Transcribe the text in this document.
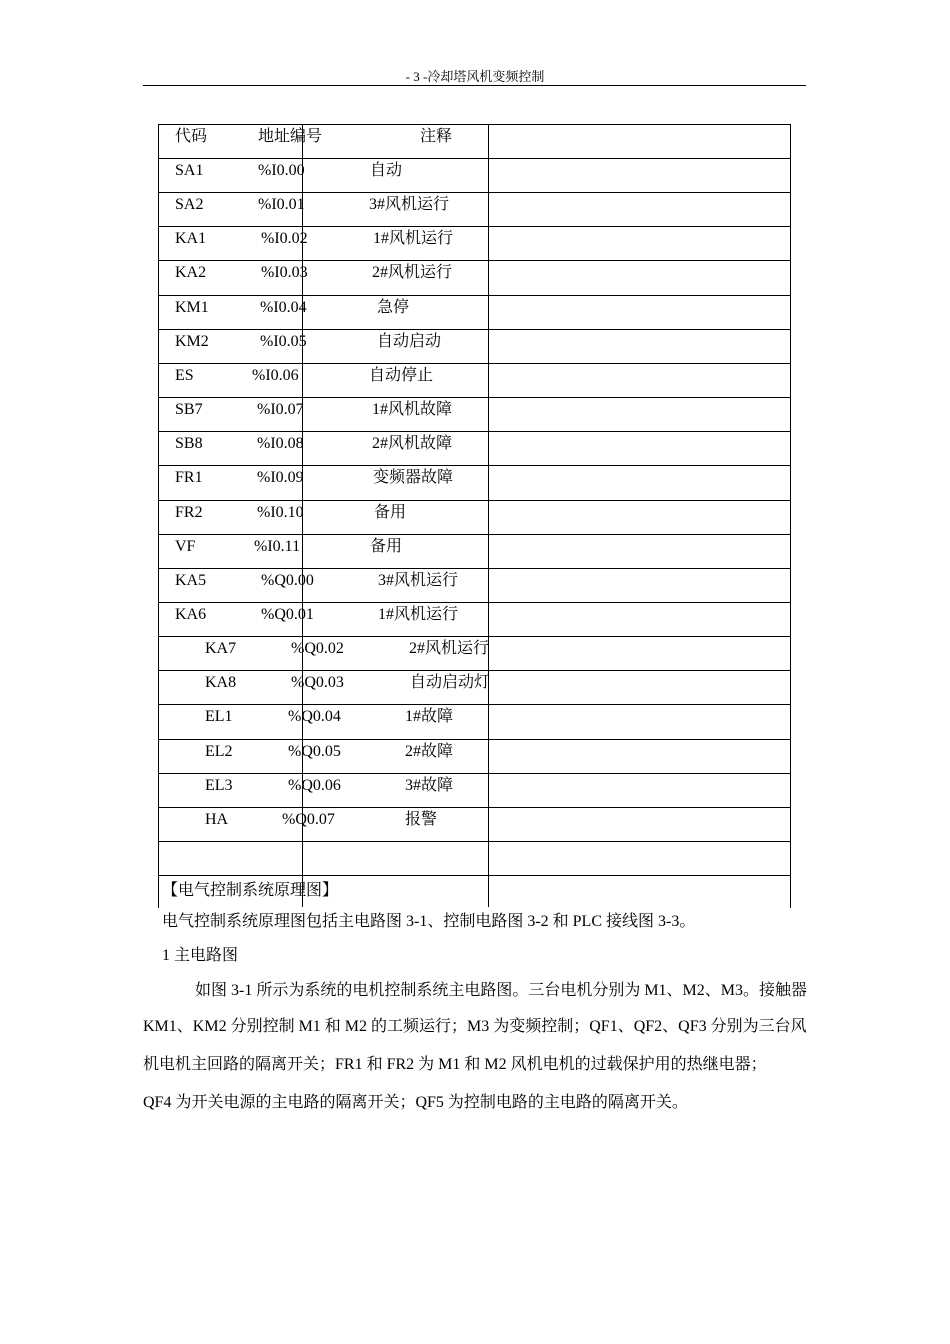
- 3 -冷却塔风机变频控制
代码	地址编号	注释
SA1	%I0.00	自动
SA2	%I0.01	3#风机运行
KA1	%I0.02	1#风机运行
KA2	%I0.03	2#风机运行
KM1	%I0.04	急停
KM2	%I0.05	自动启动
ES	%I0.06	自动停止
SB7	%I0.07	1#风机故障
SB8	%I0.08	2#风机故障
FR1	%I0.09	变频器故障
FR2	%I0.10	备用
VF	%I0.11	备用
KA5	%Q0.00	3#风机运行
KA6	%Q0.01	1#风机运行
KA7	%Q0.02	2#风机运行
KA8	%Q0.03	自动启动灯
EL1	%Q0.04	1#故障
EL2	%Q0.05	2#故障
EL3	%Q0.06	3#故障
HA	%Q0.07	报警
【电气控制系统原理图】
电气控制系统原理图包括主电路图 3-1、控制电路图 3-2 和 PLC 接线图 3-3。
1 主电路图
如图 3-1 所示为系统的电机控制系统主电路图。三台电机分别为 M1、M2、M3。接触器
KM1、KM2 分别控制 M1 和 M2 的工频运行；M3 为变频控制；QF1、QF2、QF3 分别为三台风
机电机主回路的隔离开关；FR1 和 FR2 为 M1 和 M2 风机电机的过载保护用的热继电器；
QF4 为开关电源的主电路的隔离开关；QF5 为控制电路的主电路的隔离开关。
